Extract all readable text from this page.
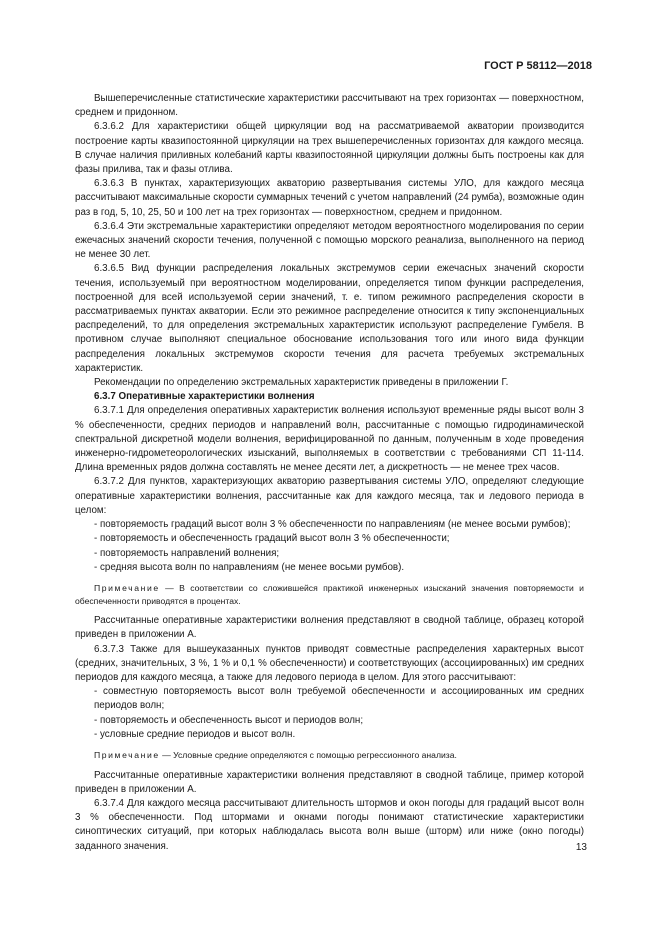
ГОСТ Р 58112—2018

Вышеперечисленные статистические характеристики рассчитывают на трех горизонтах — поверхностном, среднем и придонном.

6.3.6.2 Для характеристики общей циркуляции вод на рассматриваемой акватории производится построение карты квазипостоянной циркуляции на трех вышеперечисленных горизонтах для каждого месяца. В случае наличия приливных колебаний карты квазипостоянной циркуляции должны быть построены как для фазы прилива, так и фазы отлива.

6.3.6.3 В пунктах, характеризующих акваторию развертывания системы УЛО, для каждого месяца рассчитывают максимальные скорости суммарных течений с учетом направлений (24 румба), возможные один раз в год, 5, 10, 25, 50 и 100 лет на трех горизонтах — поверхностном, среднем и придонном.

6.3.6.4 Эти экстремальные характеристики определяют методом вероятностного моделирования по серии ежечасных значений скорости течения, полученной с помощью морского реанализа, выполненного на период не менее 30 лет.

6.3.6.5 Вид функции распределения локальных экстремумов серии ежечасных значений скорости течения, используемый при вероятностном моделировании, определяется типом функции распределения, построенной для всей используемой серии значений, т. е. типом режимного распределения скорости в рассматриваемых пунктах акватории. Если это режимное распределение относится к типу экспоненциальных распределений, то для определения экстремальных характеристик используют распределение Гумбеля. В противном случае выполняют специальное обоснование использования того или иного вида функции распределения локальных экстремумов скорости течения для расчета требуемых экстремальных характеристик.

Рекомендации по определению экстремальных характеристик приведены в приложении Г.

6.3.7 Оперативные характеристики волнения

6.3.7.1 Для определения оперативных характеристик волнения используют временные ряды высот волн 3 % обеспеченности, средних периодов и направлений волн, рассчитанные с помощью гидродинамической спектральной дискретной модели волнения, верифицированной по данным, полученным в ходе проведения инженерно-гидрометеорологических изысканий, выполняемых в соответствии с требованиями СП 11-114. Длина временных рядов должна составлять не менее десяти лет, а дискретность — не менее трех часов.

6.3.7.2 Для пунктов, характеризующих акваторию развертывания системы УЛО, определяют следующие оперативные характеристики волнения, рассчитанные как для каждого месяца, так и ледового периода в целом:

- повторяемость градаций высот волн 3 % обеспеченности по направлениям (не менее восьми румбов);

- повторяемость и обеспеченность градаций высот волн 3 % обеспеченности;

- повторяемость направлений волнения;

- средняя высота волн по направлениям (не менее восьми румбов).

Примечание — В соответствии со сложившейся практикой инженерных изысканий значения повторяемости и обеспеченности приводятся в процентах.

Рассчитанные оперативные характеристики волнения представляют в сводной таблице, образец которой приведен в приложении А.

6.3.7.3 Также для вышеуказанных пунктов приводят совместные распределения характерных высот (средних, значительных, 3 %, 1 % и 0,1 % обеспеченности) и соответствующих (ассоциированных) им средних периодов для каждого месяца, а также для ледового периода в целом. Для этого рассчитывают:

- совместную повторяемость высот волн требуемой обеспеченности и ассоциированных им средних периодов волн;

- повторяемость и обеспеченность высот и периодов волн;

- условные средние периодов и высот волн.

Примечание — Условные средние определяются с помощью регрессионного анализа.

Рассчитанные оперативные характеристики волнения представляют в сводной таблице, пример которой приведен в приложении А.

6.3.7.4 Для каждого месяца рассчитывают длительность штормов и окон погоды для градаций высот волн 3 % обеспеченности. Под штормами и окнами погоды понимают статистические характеристики синоптических ситуаций, при которых наблюдалась высота волн выше (шторм) или ниже (окно погоды) заданного значения.	13
